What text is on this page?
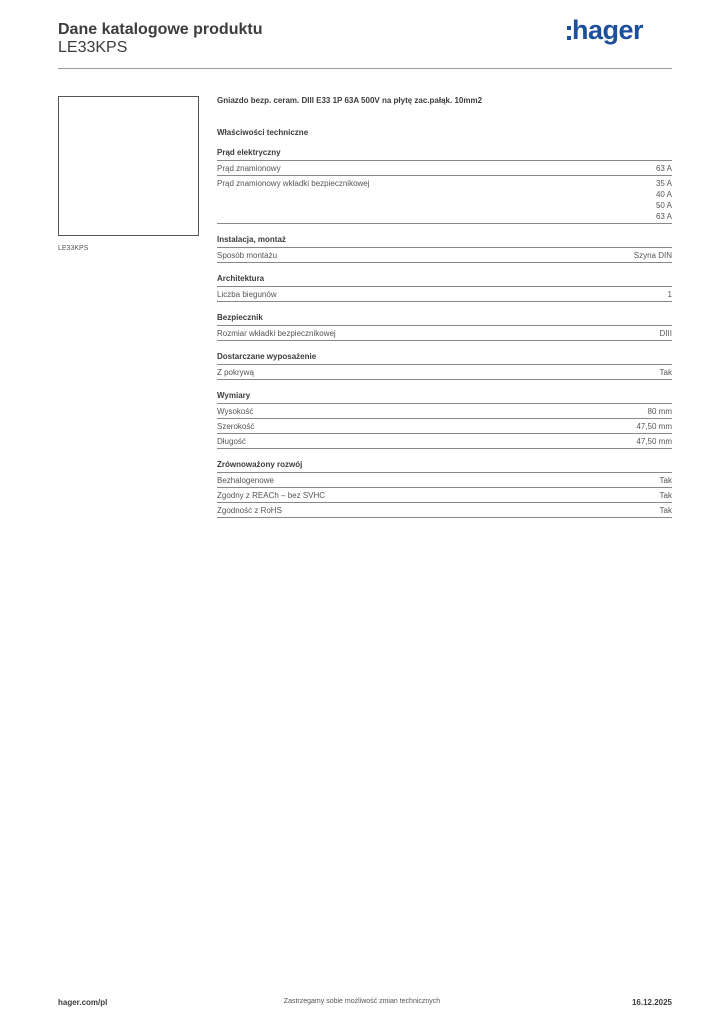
Dane katalogowe produktu
LE33KPS
hager
LE33KPS
Gniazdo bezp. ceram. DIII E33 1P 63A 500V na płytę zac.pałąk. 10mm2
Właściwości techniczne
Prąd elektryczny
Prąd znamionowy	63 A
Prąd znamionowy wkładki bezpiecznikowej	35 A
40 A
50 A
63 A
Instalacja, montaż
Sposób montażu	Szyna DIN
Architektura
Liczba biegunów	1
Bezpiecznik
Rozmiar wkładki bezpiecznikowej	DIII
Dostarczane wyposażenie
Z pokrywą	Tak
Wymiary
Wysokość	80 mm
Szerokość	47,50 mm
Długość	47,50 mm
Zrównoważony rozwój
Bezhalogenowe	Tak
Zgodny z REACh – bez SVHC	Tak
Zgodność z RoHS	Tak
hager.com/pl	Zastrzegamy sobie możliwość zmian technicznych	16.12.2025
